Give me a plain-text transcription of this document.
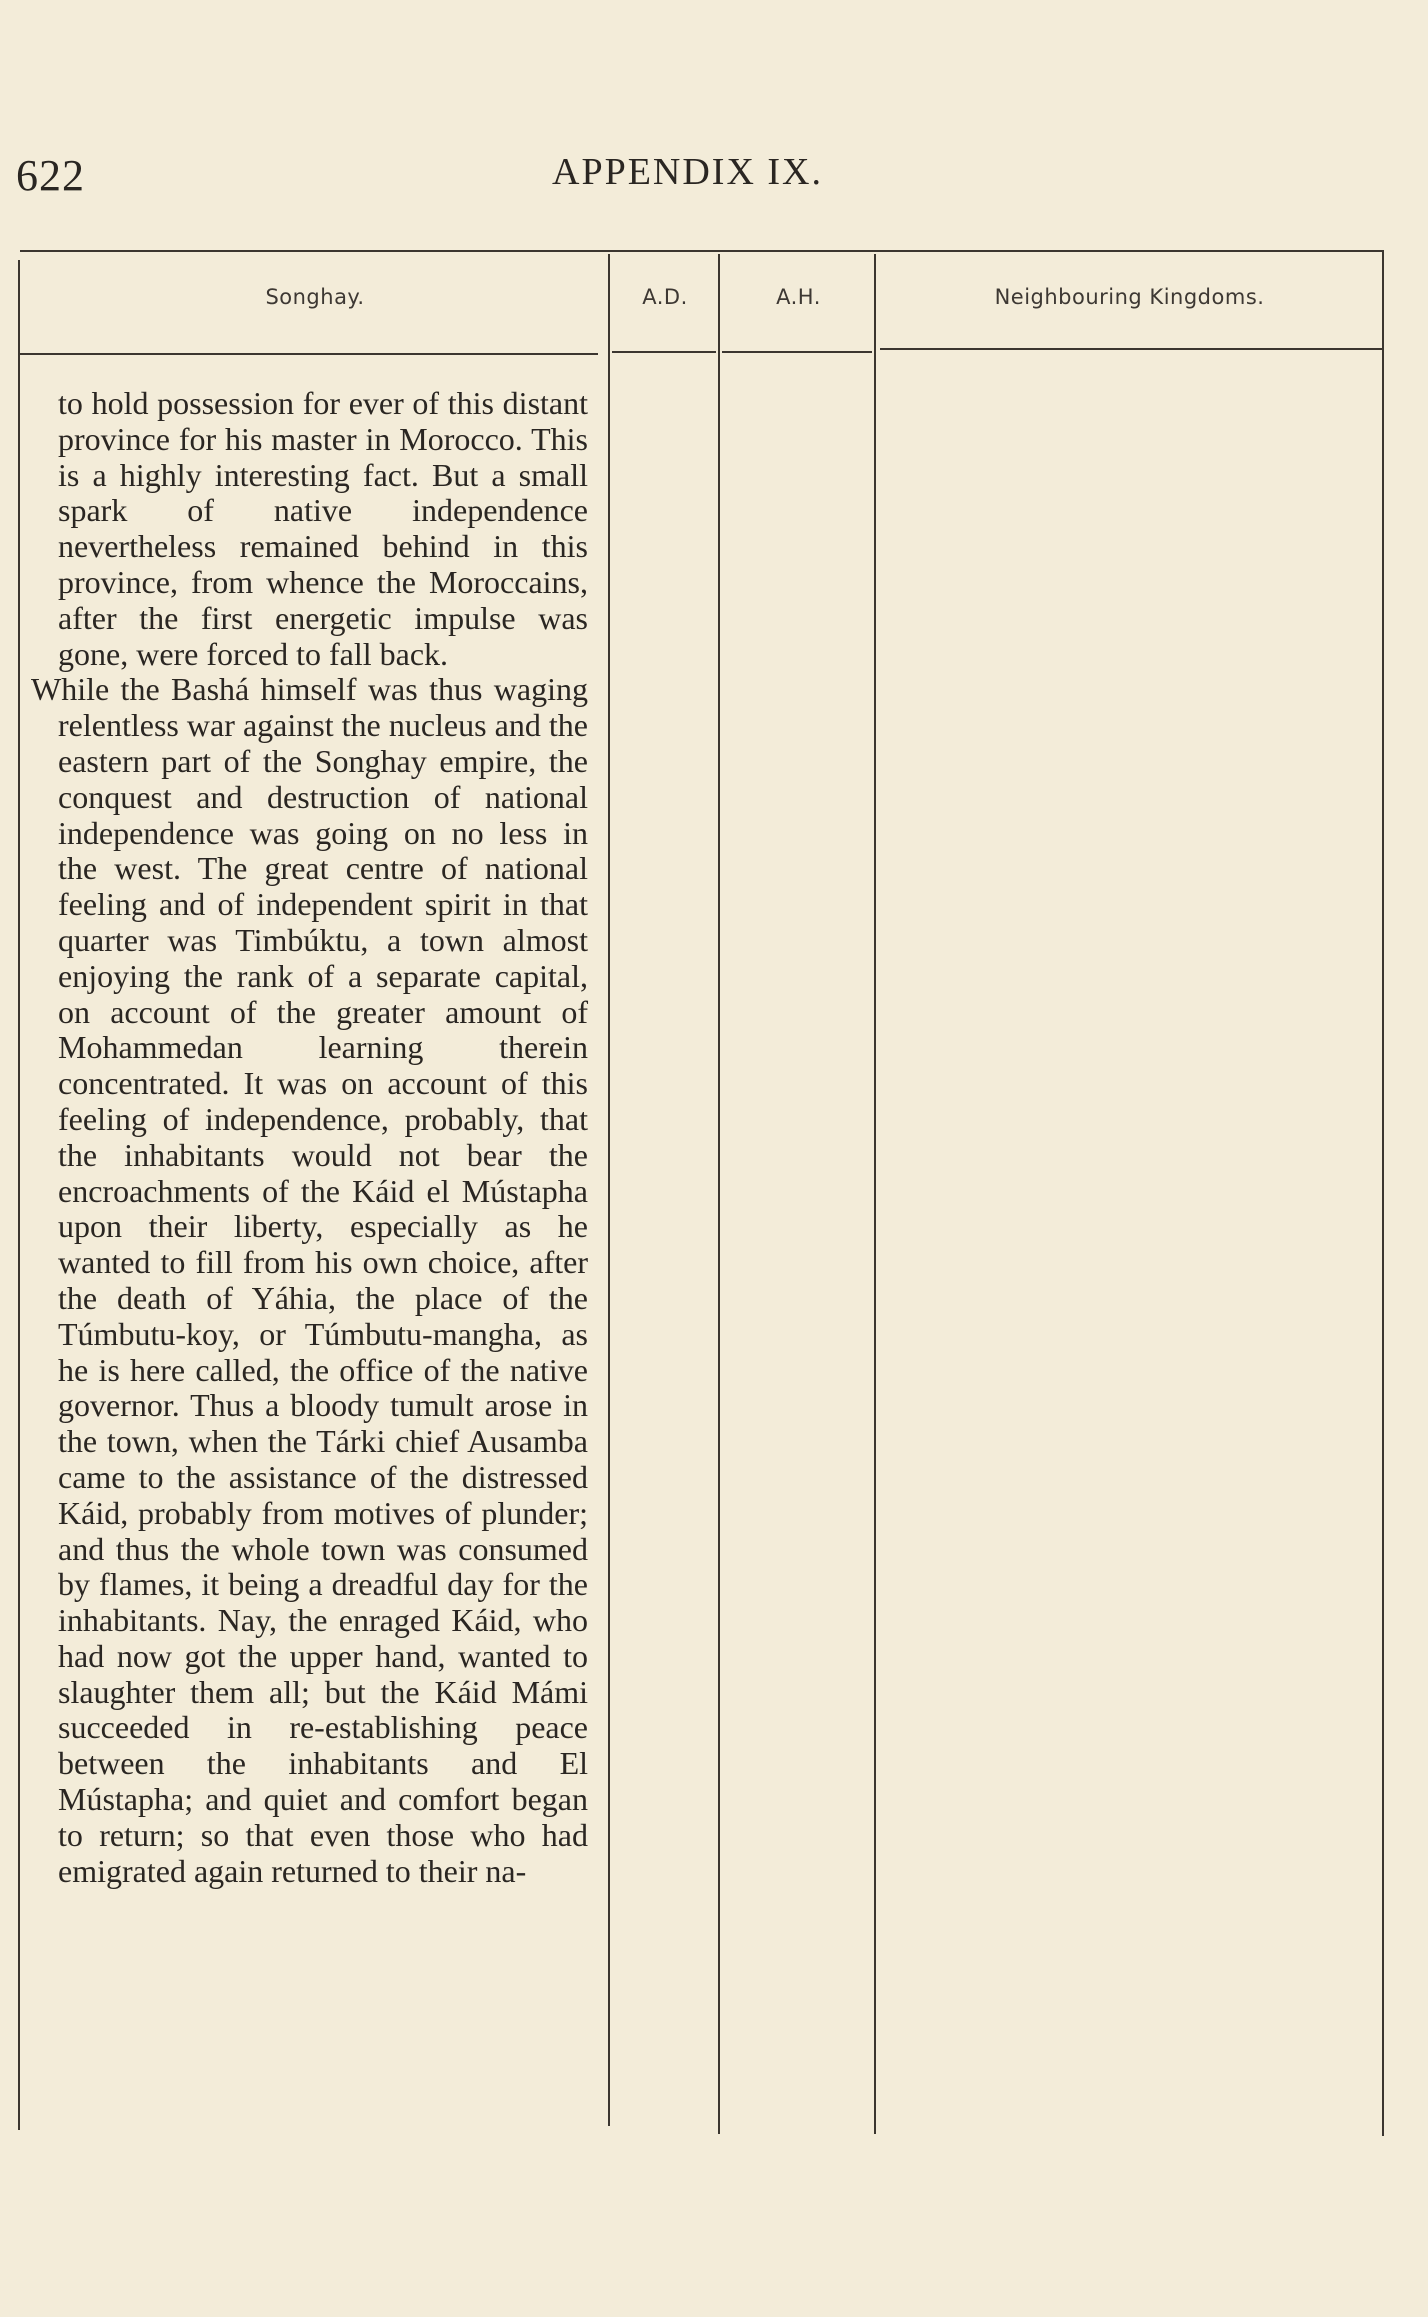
622	APPENDIX IX.
Songhay.	A.D.	A.H.	Neighbouring Kingdoms.

to hold possession for ever of this distant province for his master in Morocco. This is a highly interesting fact. But a small spark of native independence nevertheless remained behind in this province, from whence the Moroccains, after the first energetic impulse was gone, were forced to fall back.

While the Bashá himself was thus waging relentless war against the nucleus and the eastern part of the Songhay empire, the conquest and destruction of national independence was going on no less in the west. The great centre of national feeling and of independent spirit in that quarter was Timbúktu, a town almost enjoying the rank of a separate capital, on account of the greater amount of Mohammedan learning therein concentrated. It was on account of this feeling of independence, probably, that the inhabitants would not bear the encroachments of the Káid el Mústapha upon their liberty, especially as he wanted to fill from his own choice, after the death of Yáhia, the place of the Túmbutu-koy, or Túmbutu-mangha, as he is here called, the office of the native governor. Thus a bloody tumult arose in the town, when the Tárki chief Ausamba came to the assistance of the distressed Káid, probably from motives of plunder; and thus the whole town was consumed by flames, it being a dreadful day for the inhabitants. Nay, the enraged Káid, who had now got the upper hand, wanted to slaughter them all; but the Káid Mámi succeeded in re-establishing peace between the inhabitants and El Mústapha; and quiet and comfort began to return; so that even those who had emigrated again returned to their na-
